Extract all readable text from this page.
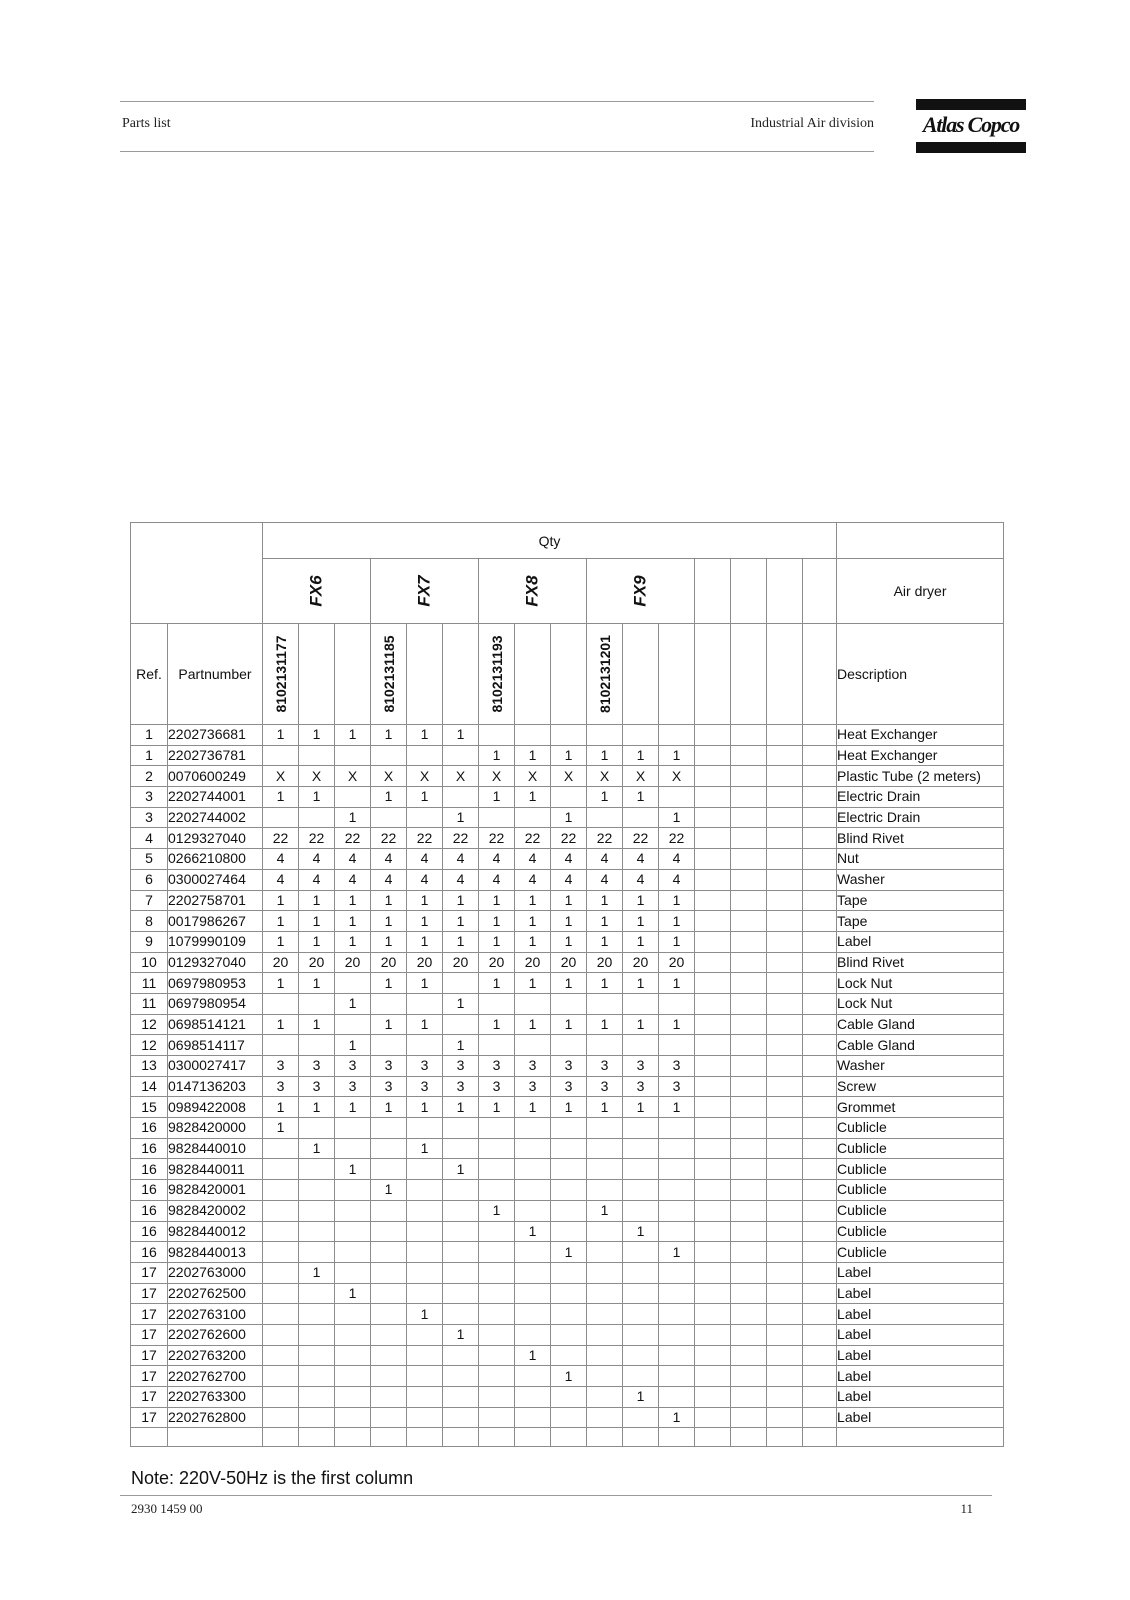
Parts list	Industrial Air division	Atlas Copco
		Qty																
		FX6			FX7			FX8			FX9							Air dryer
Ref.	Partnumber	8102131177			8102131185			8102131193			8102131201							Description
1	2202736681	1	1	1	1	1	1											Heat Exchanger
1	2202736781							1	1	1	1	1	1					Heat Exchanger
2	0070600249	X	X	X	X	X	X	X	X	X	X	X	X					Plastic Tube (2 meters)
3	2202744001	1	1		1	1		1	1		1	1						Electric Drain
3	2202744002			1			1			1			1					Electric Drain
4	0129327040	22	22	22	22	22	22	22	22	22	22	22	22					Blind Rivet
5	0266210800	4	4	4	4	4	4	4	4	4	4	4	4					Nut
6	0300027464	4	4	4	4	4	4	4	4	4	4	4	4					Washer
7	2202758701	1	1	1	1	1	1	1	1	1	1	1	1					Tape
8	0017986267	1	1	1	1	1	1	1	1	1	1	1	1					Tape
9	1079990109	1	1	1	1	1	1	1	1	1	1	1	1					Label
10	0129327040	20	20	20	20	20	20	20	20	20	20	20	20					Blind Rivet
11	0697980953	1	1		1	1		1	1	1	1	1	1					Lock Nut
11	0697980954			1			1											Lock Nut
12	0698514121	1	1		1	1		1	1	1	1	1	1					Cable Gland
12	0698514117			1			1											Cable Gland
13	0300027417	3	3	3	3	3	3	3	3	3	3	3	3					Washer
14	0147136203	3	3	3	3	3	3	3	3	3	3	3	3					Screw
15	0989422008	1	1	1	1	1	1	1	1	1	1	1	1					Grommet
16	9828420000	1																Cublicle
16	9828440010		1			1												Cublicle
16	9828440011			1			1											Cublicle
16	9828420001				1													Cublicle
16	9828420002							1			1							Cublicle
16	9828440012								1			1						Cublicle
16	9828440013									1			1					Cublicle
17	2202763000		1															Label
17	2202762500			1														Label
17	2202763100					1												Label
17	2202762600						1											Label
17	2202763200								1									Label
17	2202762700									1								Label
17	2202763300											1						Label
17	2202762800												1					Label

Note: 220V-50Hz is the first column
2930 1459 00	11
